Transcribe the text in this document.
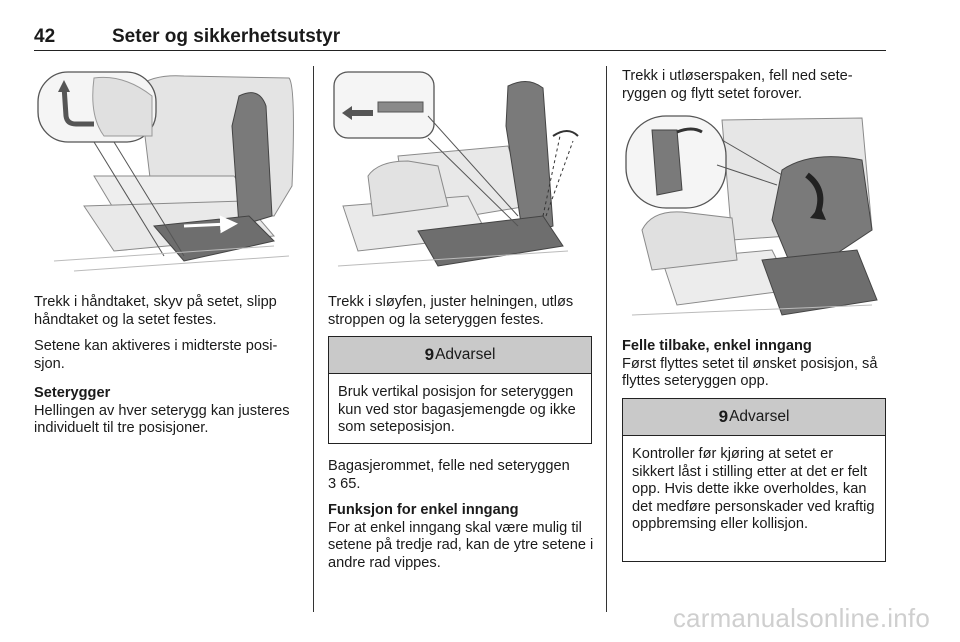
42	Seter og sikkerhetsutstyr

Trekk i håndtaket, skyv på setet, slipp håndtaket og la setet festes.

Setene kan aktiveres i midterste posisjon.

Seterygger
Hellingen av hver seterygg kan justeres individuelt til tre posisjoner.

Trekk i sløyfen, juster helningen, utløs stroppen og la seteryggen festes.

9 Advarsel
Bruk vertikal posisjon for seteryggen kun ved stor bagasjemengde og ikke som seteposisjon.

Bagasjerommet, felle ned seteryggen
3 65.

Funksjon for enkel inngang
For at enkel inngang skal være mulig til setene på tredje rad, kan de ytre setene i andre rad vippes.

Trekk i utløserspaken, fell ned seteryggen og flytt setet forover.

Felle tilbake, enkel inngang
Først flyttes setet til ønsket posisjon, så flyttes seteryggen opp.

9 Advarsel
Kontroller før kjøring at setet er sikkert låst i stilling etter at det er felt opp. Hvis dette ikke overholdes, kan det medføre personskader ved kraftig oppbremsing eller kollisjon.
carmanualsonline.info
